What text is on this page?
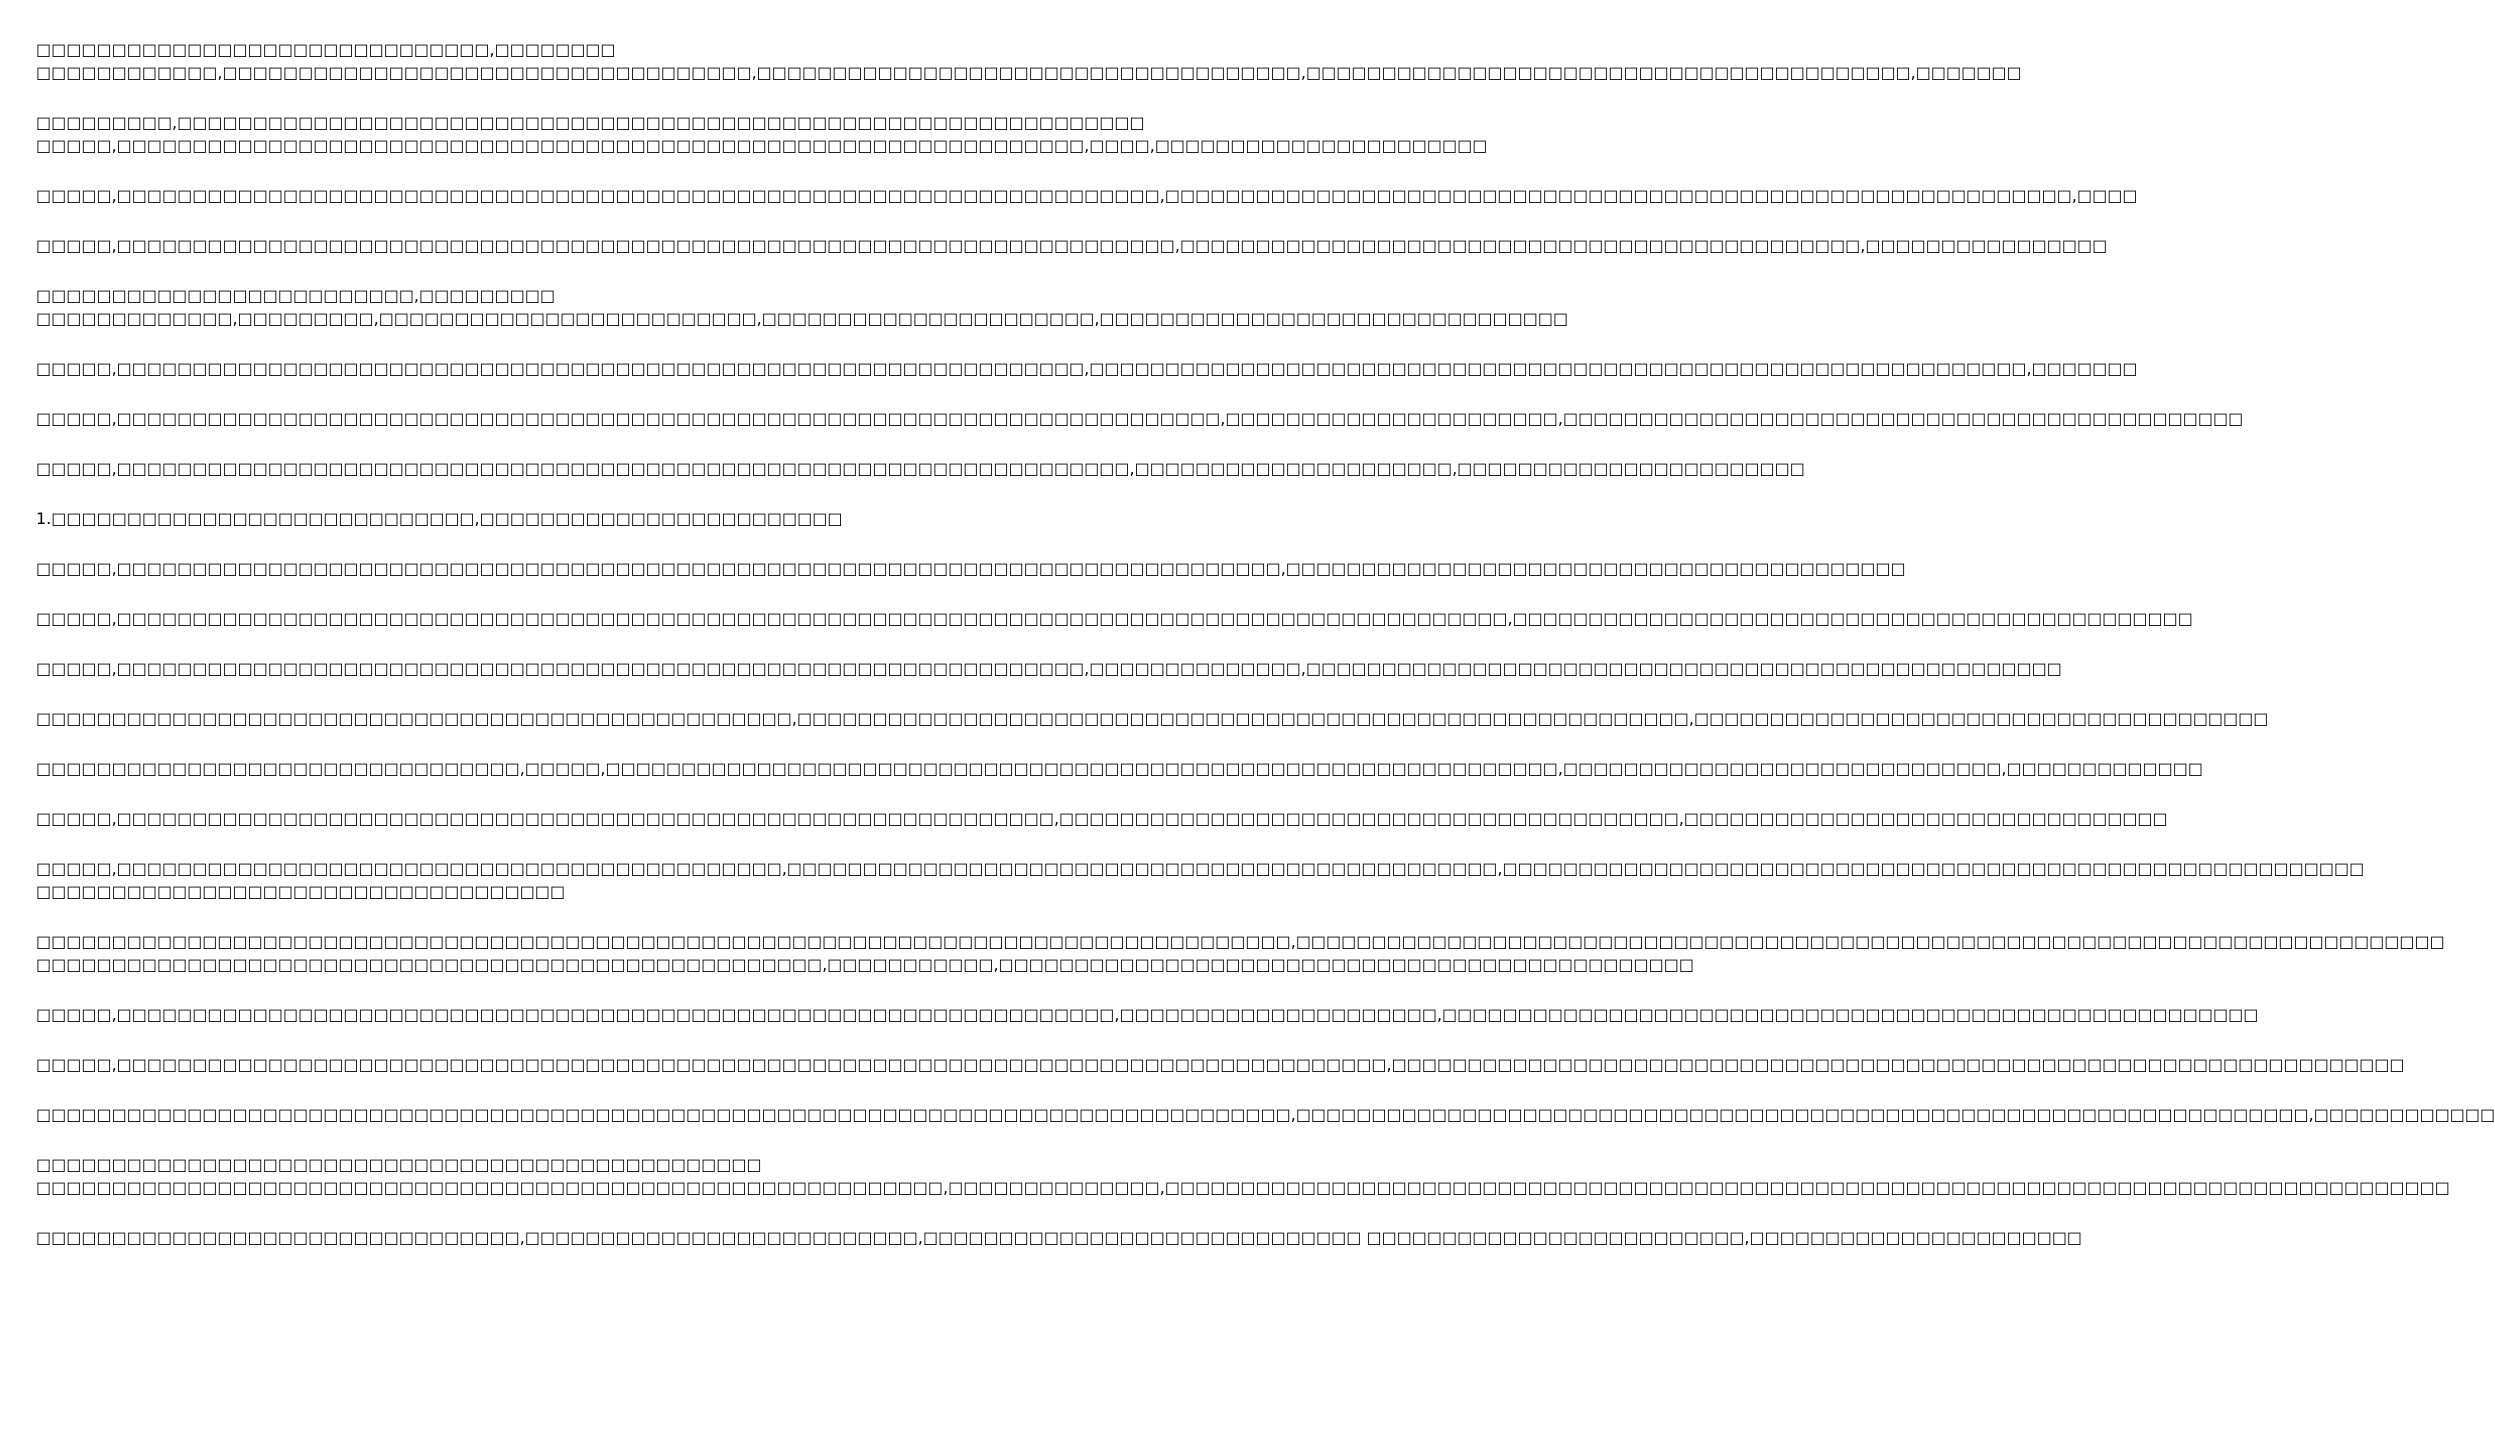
□□□□□□□□□□□□□□□□□□□□□□□□□□□□□□,□□□□□□□□

□□□□□□□□□□□□,□□□□□□□□□□□□□□□□□□□□□□□□□□□□□□□□□□□,□□□□□□□□□□□□□□□□□□□□□□□□□□□□□□□□□□□□,□□□□□□□□□□□□□□□□□□□□□□□□□□□□□□□□□□□□□□□□,□□□□□□□

□□□□□□□□□,□□□□□□□□□□□□□□□□□□□□□□□□□□□□□□□□□□□□□□□□□□□□□□□□□□□□□□□□□□□□□□□□

□□□□□,□□□□□□□□□□□□□□□□□□□□□□□□□□□□□□□□□□□□□□□□□□□□□□□□□□□□□□□□□□□□□□□□,□□□□,□□□□□□□□□□□□□□□□□□□□□□

□□□□□,□□□□□□□□□□□□□□□□□□□□□□□□□□□□□□□□□□□□□□□□□□□□□□□□□□□□□□□□□□□□□□□□□□□□□,□□□□□□□□□□□□□□□□□□□□□□□□□□□□□□□□□□□□□□□□□□□□□□□□□□□□□□□□□□□□,□□□□

□□□□□,□□□□□□□□□□□□□□□□□□□□□□□□□□□□□□□□□□□□□□□□□□□□□□□□□□□□□□□□□□□□□□□□□□□□□□,□□□□□□□□□□□□□□□□□□□□□□□□□□□□□□□□□□□□□□□□□□□□□,□□□□□□□□□□□□□□□□

□□□□□□□□□□□□□□□□□□□□□□□□□,□□□□□□□□□

□□□□□□□□□□□□□,□□□□□□□□□,□□□□□□□□□□□□□□□□□□□□□□□□□,□□□□□□□□□□□□□□□□□□□□□□,□□□□□□□□□□□□□□□□□□□□□□□□□□□□□□□

□□□□□,□□□□□□□□□□□□□□□□□□□□□□□□□□□□□□□□□□□□□□□□□□□□□□□□□□□□□□□□□□□□□□□□,□□□□□□□□□□□□□□□□□□□□□□□□□□□□□□□□□□□□□□□□□□□□□□□□□□□□□□□□□□□□□□,□□□□□□□

□□□□□,□□□□□□□□□□□□□□□□□□□□□□□□□□□□□□□□□□□□□□□□□□□□□□□□□□□□□□□□□□□□□□□□□□□□□□□□□,□□□□□□□□□□□□□□□□□□□□□□,□□□□□□□□□□□□□□□□□□□□□□□□□□□□□□□□□□□□□□□□□□□□□

□□□□□,□□□□□□□□□□□□□□□□□□□□□□□□□□□□□□□□□□□□□□□□□□□□□□□□□□□□□□□□□□□□□□□□□□□,□□□□□□□□□□□□□□□□□□□□□,□□□□□□□□□□□□□□□□□□□□□□□

1.□□□□□□□□□□□□□□□□□□□□□□□□□□□□,□□□□□□□□□□□□□□□□□□□□□□□□

□□□□□,□□□□□□□□□□□□□□□□□□□□□□□□□□□□□□□□□□□□□□□□□□□□□□□□□□□□□□□□□□□□□□□□□□□□□□□□□□□□□,□□□□□□□□□□□□□□□□□□□□□□□□□□□□□□□□□□□□□□□□□

□□□□□,□□□□□□□□□□□□□□□□□□□□□□□□□□□□□□□□□□□□□□□□□□□□□□□□□□□□□□□□□□□□□□□□□□□□□□□□□□□□□□□□□□□□□□□□□□□□,□□□□□□□□□□□□□□□□□□□□□□□□□□□□□□□□□□□□□□□□□□□□□

□□□□□,□□□□□□□□□□□□□□□□□□□□□□□□□□□□□□□□□□□□□□□□□□□□□□□□□□□□□□□□□□□□□□□□,□□□□□□□□□□□□□□,□□□□□□□□□□□□□□□□□□□□□□□□□□□□□□□□□□□□□□□□□□□□□□□□□□

□□□□□□□□□□□□□□□□□□□□□□□□□□□□□□□□□□□□□□□□□□□□□□□□□□,□□□□□□□□□□□□□□□□□□□□□□□□□□□□□□□□□□□□□□□□□□□□□□□□□□□□□□□□□□□,□□□□□□□□□□□□□□□□□□□□□□□□□□□□□□□□□□□□□□

□□□□□□□□□□□□□□□□□□□□□□□□□□□□□□□□,□□□□□,□□□□□□□□□□□□□□□□□□□□□□□□□□□□□□□□□□□□□□□□□□□□□□□□□□□□□□□□□□□□□□□,□□□□□□□□□□□□□□□□□□□□□□□□□□□□□,□□□□□□□□□□□□□

□□□□□,□□□□□□□□□□□□□□□□□□□□□□□□□□□□□□□□□□□□□□□□□□□□□□□□□□□□□□□□□□□□□□,□□□□□□□□□□□□□□□□□□□□□□□□□□□□□□□□□□□□□□□□□,□□□□□□□□□□□□□□□□□□□□□□□□□□□□□□□□

□□□□□,□□□□□□□□□□□□□□□□□□□□□□□□□□□□□□□□□□□□□□□□□□□□,□□□□□□□□□□□□□□□□□□□□□□□□□□□□□□□□□□□□□□□□□□□□□□□,□□□□□□□□□□□□□□□□□□□□□□□□□□□□□□□□□□□□□□□□□□□□□□□□□□□□□□□□□

□□□□□□□□□□□□□□□□□□□□□□□□□□□□□□□□□□□

□□□□□□□□□□□□□□□□□□□□□□□□□□□□□□□□□□□□□□□□□□□□□□□□□□□□□□□□□□□□□□□□□□□□□□□□□□□□□□□□□□□,□□□□□□□□□□□□□□□□□□□□□□□□□□□□□□□□□□□□□□□□□□□□□□□□□□□□□□□□□□□□□□□□□□□□□□□□□□□□

□□□□□□□□□□□□□□□□□□□□□□□□□□□□□□□□□□□□□□□□□□□□□□□□□□□□,□□□□□□□□□□□,□□□□□□□□□□□□□□□□□□□□□□□□□□□□□□□□□□□□□□□□□□□□□□

□□□□□,□□□□□□□□□□□□□□□□□□□□□□□□□□□□□□□□□□□□□□□□□□□□□□□□□□□□□□□□□□□□□□□□□□,□□□□□□□□□□□□□□□□□□□□□,□□□□□□□□□□□□□□□□□□□□□□□□□□□□□□□□□□□□□□□□□□□□□□□□□□□□□□

□□□□□,□□□□□□□□□□□□□□□□□□□□□□□□□□□□□□□□□□□□□□□□□□□□□□□□□□□□□□□□□□□□□□□□□□□□□□□□□□□□□□□□□□□□,□□□□□□□□□□□□□□□□□□□□□□□□□□□□□□□□□□□□□□□□□□□□□□□□□□□□□□□□□□□□□□□□□□□

□□□□□□□□□□□□□□□□□□□□□□□□□□□□□□□□□□□□□□□□□□□□□□□□□□□□□□□□□□□□□□□□□□□□□□□□□□□□□□□□□□□,□□□□□□□□□□□□□□□□□□□□□□□□□□□□□□□□□□□□□□□□□□□□□□□□□□□□□□□□□□□□□□□□□□□,□□□□□□□□□□□□

□□□□□□□□□□□□□□□□□□□□□□□□□□□□□□□□□□□□□□□□□□□□□□□□

□□□□□□□□□□□□□□□□□□□□□□□□□□□□□□□□□□□□□□□□□□□□□□□□□□□□□□□□□□□□,□□□□□□□□□□□□□□,□□□□□□□□□□□□□□□□□□□□□□□□□□□□□□□□□□□□□□□□□□□□□□□□□□□□□□□□□□□□□□□□□□□□□□□□□□□□□□□□□□□□□

□□□□□□□□□□□□□□□□□□□□□□□□□□□□□□□□,□□□□□□□□□□□□□□□□□□□□□□□□□□,□□□□□□□□□□□□□□□□□□□□□□□□□□□□□ □□□□□□□□□□□□□□□□□□□□□□□□□,□□□□□□□□□□□□□□□□□□□□□□
